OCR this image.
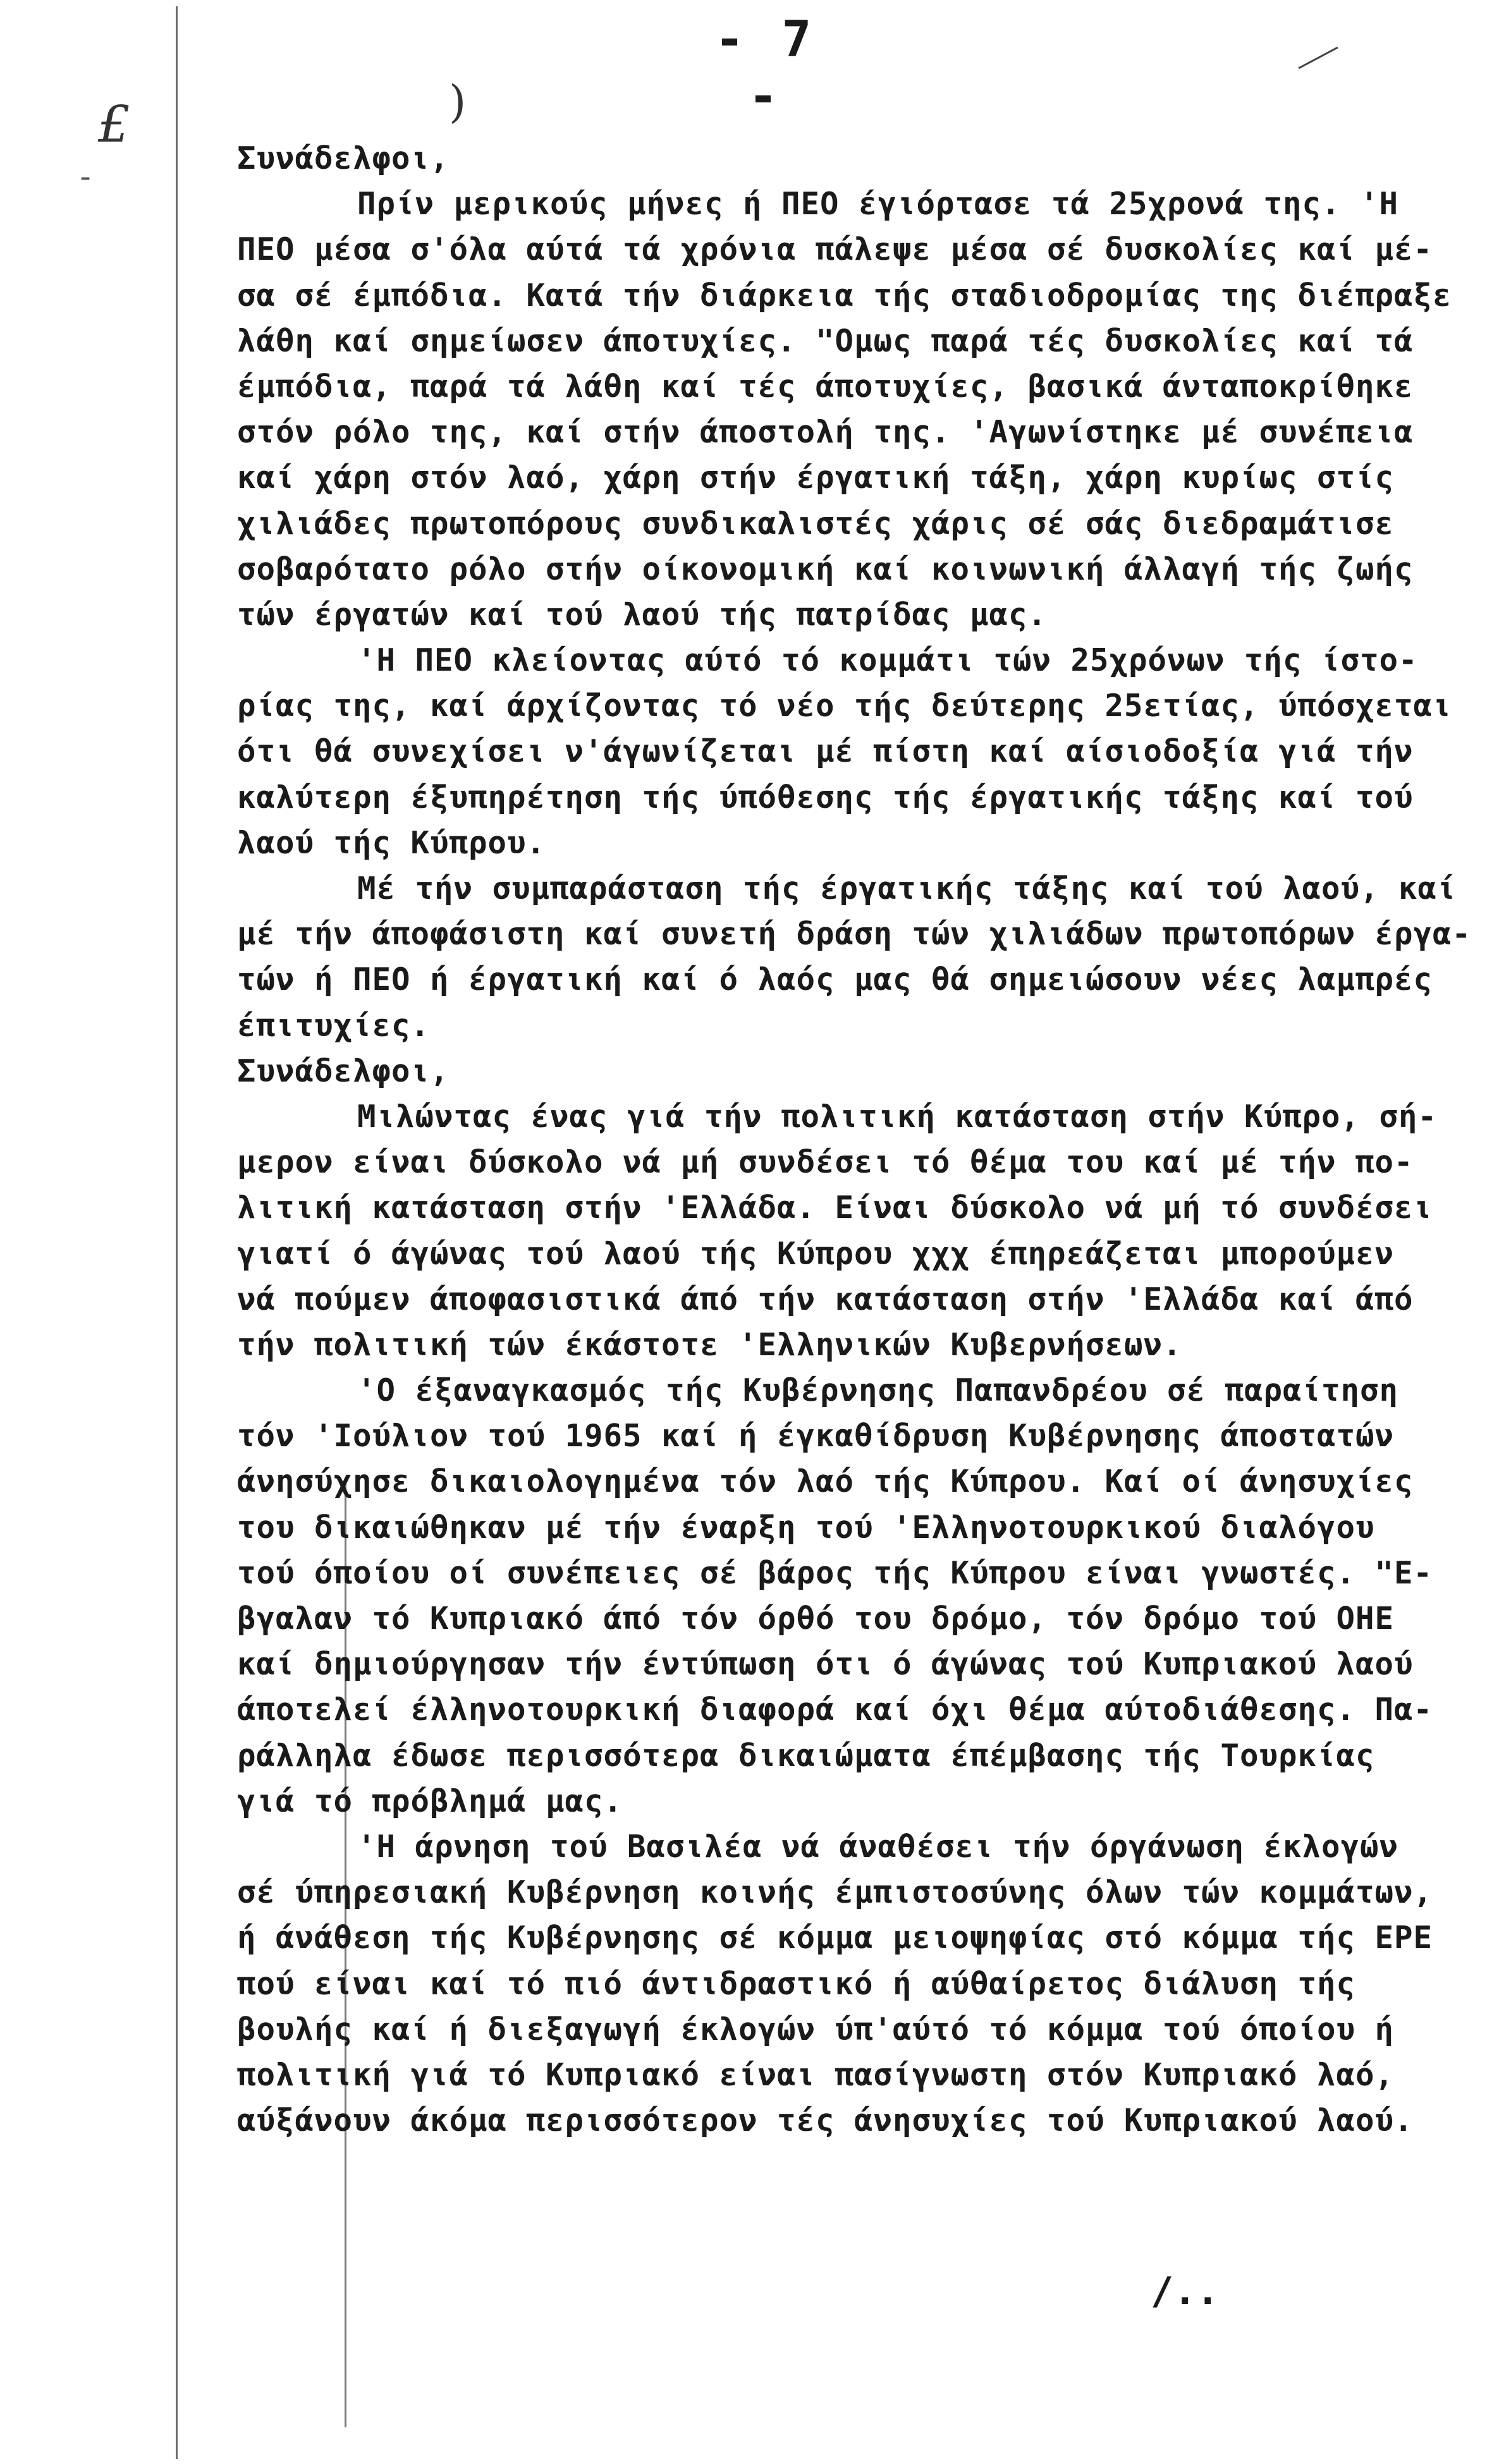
-
- 7 -
£	)
Συνάδελφοι,
Πρίν μερικούς μήνες ή ΠΕΟ έγιόρτασε τά 25χρονά της. 'Η
ΠΕΟ μέσα σ'όλα αύτά τά χρόνια πάλεψε μέσα σέ δυσκολίες καί μέ-
σα σέ έμπόδια. Κατά τήν διάρκεια τής σταδιοδρομίας της διέπραξε
λάθη καί σημείωσεν άποτυχίες. "Ομως παρά τές δυσκολίες καί τά
έμπόδια, παρά τά λάθη καί τές άποτυχίες, βασικά άνταποκρίθηκε
στόν ρόλο της, καί στήν άποστολή της. 'Αγωνίστηκε μέ συνέπεια
καί χάρη στόν λαό, χάρη στήν έργατική τάξη, χάρη κυρίως στίς
χιλιάδες πρωτοπόρους συνδικαλιστές χάρις σέ σάς διεδραμάτισε
σοβαρότατο ρόλο στήν οίκονομική καί κοινωνική άλλαγή τής ζωής
τών έργατών καί τού λαού τής πατρίδας μας.
'Η ΠΕΟ κλείοντας αύτό τό κομμάτι τών 25χρόνων τής ίστο-
ρίας της, καί άρχίζοντας τό νέο τής δεύτερης 25ετίας, ύπόσχεται
ότι θά συνεχίσει ν'άγωνίζεται μέ πίστη καί αίσιοδοξία γιά τήν
καλύτερη έξυπηρέτηση τής ύπόθεσης τής έργατικής τάξης καί τού
λαού τής Κύπρου.
Μέ τήν συμπαράσταση τής έργατικής τάξης καί τού λαού, καί
μέ τήν άποφάσιστη καί συνετή δράση τών χιλιάδων πρωτοπόρων έργα-
τών ή ΠΕΟ ή έργατική καί ό λαός μας θά σημειώσουν νέες λαμπρές
έπιτυχίες.
Συνάδελφοι,
Μιλώντας ένας γιά τήν πολιτική κατάσταση στήν Κύπρο, σή-
μερον είναι δύσκολο νά μή συνδέσει τό θέμα του καί μέ τήν πο-
λιτική κατάσταση στήν 'Ελλάδα. Είναι δύσκολο νά μή τό συνδέσει
γιατί ό άγώνας τού λαού τής Κύπρου χχχ έπηρεάζεται μπορούμεν
νά πούμεν άποφασιστικά άπό τήν κατάσταση στήν 'Ελλάδα καί άπό
τήν πολιτική τών έκάστοτε 'Ελληνικών Κυβερνήσεων.
'Ο έξαναγκασμός τής Κυβέρνησης Παπανδρέου σέ παραίτηση
τόν 'Ιούλιον τού 1965 καί ή έγκαθίδρυση Κυβέρνησης άποστατών
άνησύχησε δικαιολογημένα τόν λαό τής Κύπρου. Καί οί άνησυχίες
του δικαιώθηκαν μέ τήν έναρξη τού 'Ελληνοτουρκικού διαλόγου
τού όποίου οί συνέπειες σέ βάρος τής Κύπρου είναι γνωστές. "Ε-
βγαλαν τό Κυπριακό άπό τόν όρθό του δρόμο, τόν δρόμο τού ΟΗΕ
καί δημιούργησαν τήν έντύπωση ότι ό άγώνας τού Κυπριακού λαού
άποτελεί έλληνοτουρκική διαφορά καί όχι θέμα αύτοδιάθεσης. Πα-
ράλληλα έδωσε περισσότερα δικαιώματα έπέμβασης τής Τουρκίας
γιά τό πρόβλημά μας.
'Η άρνηση τού Βασιλέα νά άναθέσει τήν όργάνωση έκλογών
σέ ύπηρεσιακή Κυβέρνηση κοινής έμπιστοσύνης όλων τών κομμάτων,
ή άνάθεση τής Κυβέρνησης σέ κόμμα μειοψηφίας στό κόμμα τής ΕΡΕ
πού είναι καί τό πιό άντιδραστικό ή αύθαίρετος διάλυση τής
βουλής καί ή διεξαγωγή έκλογών ύπ'αύτό τό κόμμα τού όποίου ή
πολιτική γιά τό Κυπριακό είναι πασίγνωστη στόν Κυπριακό λαό,
αύξάνουν άκόμα περισσότερον τές άνησυχίες τού Κυπριακού λαού.
/..
